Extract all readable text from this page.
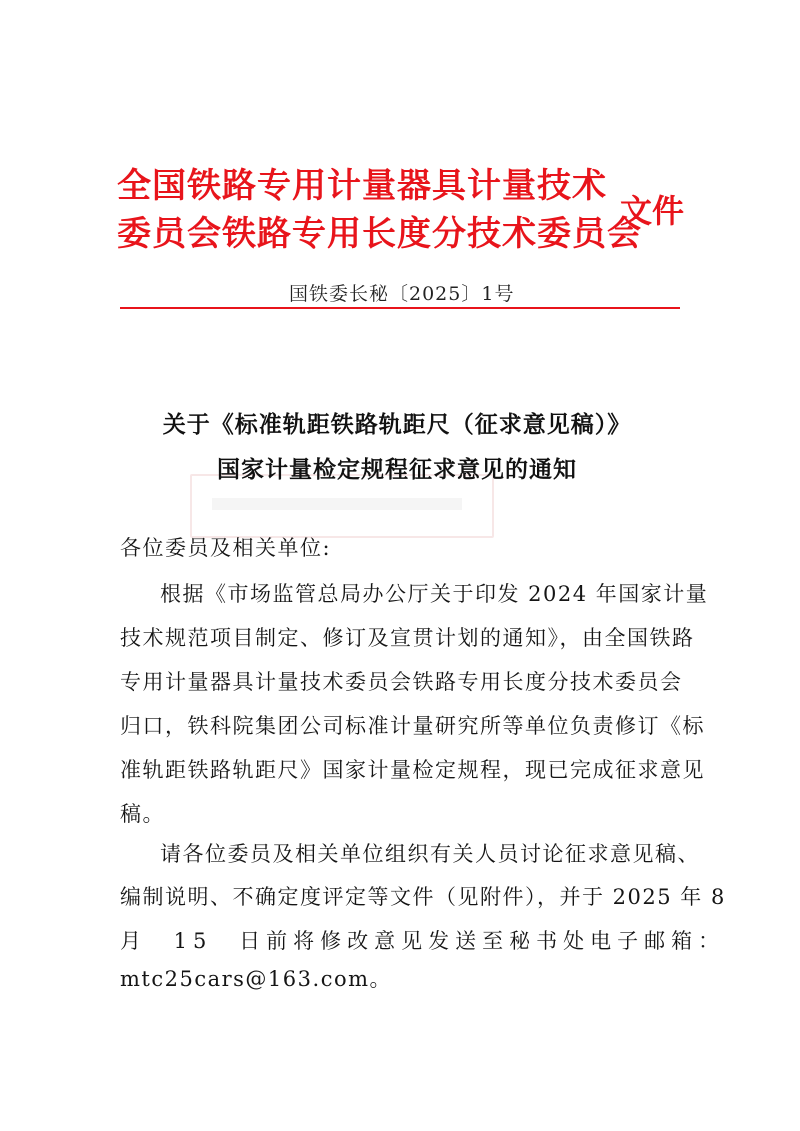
全国铁路专用计量器具计量技术
委员会铁路专用长度分技术委员会
文件
国铁委长秘〔2025〕1号
关于《标准轨距铁路轨距尺（征求意见稿）》
国家计量检定规程征求意见的通知
各位委员及相关单位:
根据《市场监管总局办公厅关于印发 2024 年国家计量
技术规范项目制定、修订及宣贯计划的通知》，由全国铁路
专用计量器具计量技术委员会铁路专用长度分技术委员会
归口，铁科院集团公司标准计量研究所等单位负责修订《标
准轨距铁路轨距尺》国家计量检定规程，现已完成征求意见
稿。
请各位委员及相关单位组织有关人员讨论征求意见稿、
编制说明、不确定度评定等文件（见附件），并于 2025 年 8
月 15 日前将修改意见发送至秘书处电子邮箱：
mtc25cars@163.com。
